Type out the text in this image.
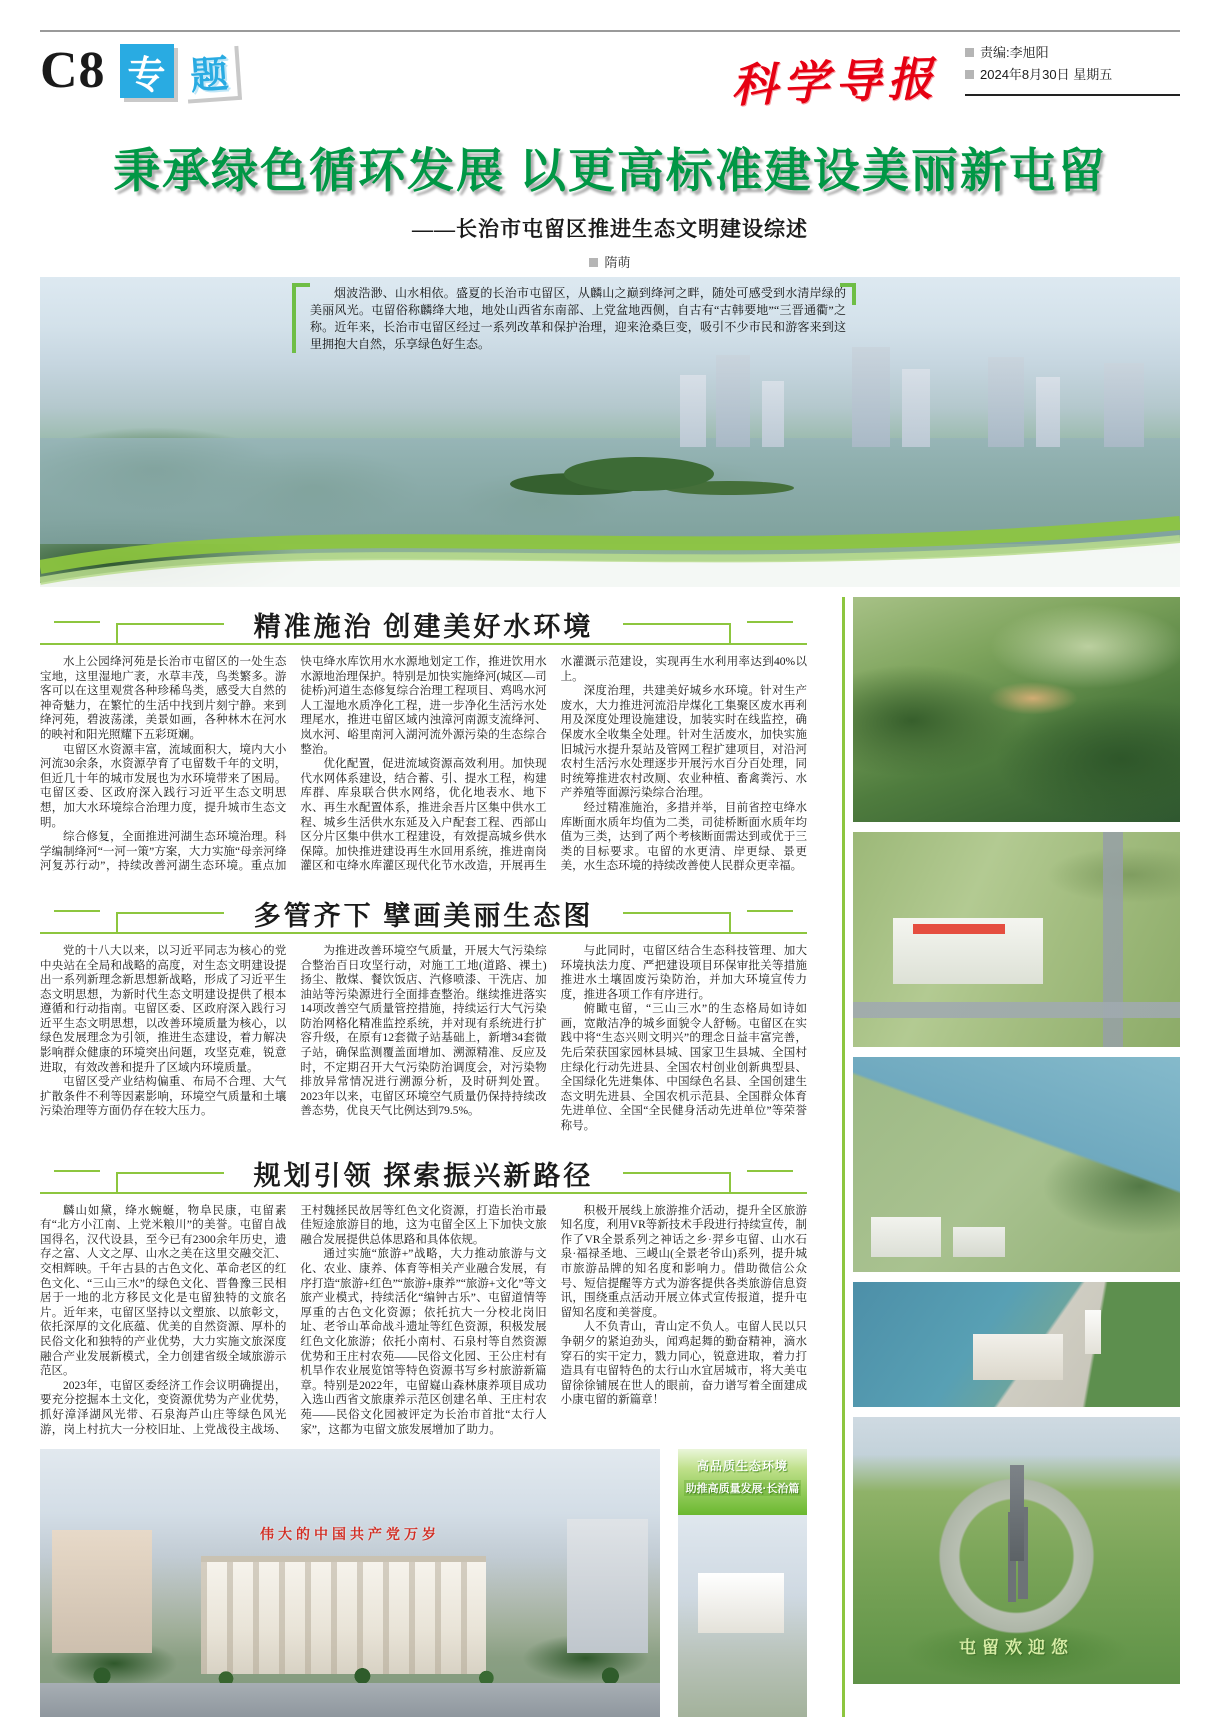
C8 专 题	科学导报
责编:李旭阳
2024年8月30日 星期五
秉承绿色循环发展 以更高标准建设美丽新屯留
——长治市屯留区推进生态文明建设综述
隋萌

烟波浩渺、山水相依。盛夏的长治市屯留区，从麟山之巅到绛河之畔，随处可感受到水清岸绿的美丽风光。屯留俗称麟绛大地，地处山西省东南部、上党盆地西侧，自古有“古韩要地”“三晋通衢”之称。近年来，长治市屯留区经过一系列改革和保护治理，迎来沧桑巨变，吸引不少市民和游客来到这里拥抱大自然，乐享绿色好生态。

精准施治 创建美好水环境

水上公园绛河苑是长治市屯留区的一处生态宝地，这里湿地广袤，水草丰茂，鸟类繁多。游客可以在这里观赏各种珍稀鸟类，感受大自然的神奇魅力，在繁忙的生活中找到片刻宁静。来到绛河苑，碧波荡漾，美景如画，各种林木在河水的映衬和阳光照耀下五彩斑斓。

屯留区水资源丰富，流域面积大，境内大小河流30余条，水资源孕育了屯留数千年的文明，但近几十年的城市发展也为水环境带来了困局。屯留区委、区政府深入践行习近平生态文明思想，加大水环境综合治理力度，提升城市生态文明。

综合修复，全面推进河湖生态环境治理。科学编制绛河“一河一策”方案，大力实施“母亲河绛河复苏行动”，持续改善河湖生态环境。重点加快屯绛水库饮用水水源地划定工作，推进饮用水水源地治理保护。特别是加快实施绛河(城区—司徒桥)河道生态修复综合治理工程项目、鸡鸣水河人工湿地水质净化工程，进一步净化生活污水处理尾水，推进屯留区域内浊漳河南源支流绛河、岚水河、峪里南河入湖河流外源污染的生态综合整治。

优化配置，促进流域资源高效利用。加快现代水网体系建设，结合蓄、引、提水工程，构建库群、库泉联合供水网络，优化地表水、地下水、再生水配置体系，推进余吾片区集中供水工程、城乡生活供水东延及入户配套工程、西部山区分片区集中供水工程建设，有效提高城乡供水保障。加快推进建设再生水回用系统，推进南岗灌区和屯绛水库灌区现代化节水改造，开展再生水灌溉示范建设，实现再生水利用率达到40%以上。

深度治理，共建美好城乡水环境。针对生产废水，大力推进河流沿岸煤化工集聚区废水再利用及深度处理设施建设，加装实时在线监控，确保废水全收集全处理。针对生活废水，加快实施旧城污水提升泵站及管网工程扩建项目，对沿河农村生活污水处理逐步开展污水百分百处理，同时统筹推进农村改厕、农业种植、畜禽粪污、水产养殖等面源污染综合治理。

经过精准施治，多措并举，目前省控屯绛水库断面水质年均值为二类，司徒桥断面水质年均值为三类，达到了两个考核断面需达到或优于三类的目标要求。屯留的水更清、岸更绿、景更美，水生态环境的持续改善使人民群众更幸福。

多管齐下 擘画美丽生态图

党的十八大以来，以习近平同志为核心的党中央站在全局和战略的高度，对生态文明建设提出一系列新理念新思想新战略，形成了习近平生态文明思想，为新时代生态文明建设提供了根本遵循和行动指南。屯留区委、区政府深入践行习近平生态文明思想，以改善环境质量为核心，以绿色发展理念为引领，推进生态建设，着力解决影响群众健康的环境突出问题，攻坚克难，锐意进取，有效改善和提升了区域内环境质量。

屯留区受产业结构偏重、布局不合理、大气扩散条件不利等因素影响，环境空气质量和土壤污染治理等方面仍存在较大压力。

为推进改善环境空气质量，开展大气污染综合整治百日攻坚行动，对施工工地(道路、裸土)扬尘、散煤、餐饮饭店、汽修喷漆、干洗店、加油站等污染源进行全面排查整治。继续推进落实14项改善空气质量管控措施，持续运行大气污染防治网格化精准监控系统，并对现有系统进行扩容升级，在原有12套微子站基础上，新增34套微子站，确保监测覆盖面增加、溯源精准、反应及时，不定期召开大气污染防治调度会，对污染物排放异常情况进行溯源分析，及时研判处置。2023年以来，屯留区环境空气质量仍保持持续改善态势，优良天气比例达到79.5%。

与此同时，屯留区结合生态科技管理、加大环境执法力度、严把建设项目环保审批关等措施推进水土壤固废污染防治，并加大环境宣传力度，推进各项工作有序进行。

俯瞰屯留，“三山三水”的生态格局如诗如画，宽敞洁净的城乡面貌令人舒畅。屯留区在实践中将“生态兴则文明兴”的理念日益丰富完善，先后荣获国家园林县城、国家卫生县城、全国村庄绿化行动先进县、全国农村创业创新典型县、全国绿化先进集体、中国绿色名县、全国创建生态文明先进县、全国农机示范县、全国群众体育先进单位、全国“全民健身活动先进单位”等荣誉称号。

规划引领 探索振兴新路径

麟山如黛，绛水蜿蜒，物阜民康，屯留素有“北方小江南、上党米粮川”的美誉。屯留自战国得名，汉代设县，至今已有2300余年历史，遗存之富、人文之厚、山水之美在这里交融交汇、交相辉映。千年古县的古色文化、革命老区的红色文化、“三山三水”的绿色文化、晋鲁豫三民相居于一地的北方移民文化是屯留独特的文旅名片。近年来，屯留区坚持以文塑旅、以旅彰文，依托深厚的文化底蕴、优美的自然资源、厚朴的民俗文化和独特的产业优势，大力实施文旅深度融合产业发展新模式，全力创建省级全域旅游示范区。

2023年，屯留区委经济工作会议明确提出，要充分挖掘本土文化，变资源优势为产业优势，抓好漳泽湖风光带、石泉海芦山庄等绿色风光游，岗上村抗大一分校旧址、上党战役主战场、王村魏拯民故居等红色文化资源，打造长治市最佳短途旅游目的地，这为屯留全区上下加快文旅融合发展提供总体思路和具体依规。

通过实施“旅游+”战略，大力推动旅游与文化、农业、康养、体育等相关产业融合发展，有序打造“旅游+红色”“旅游+康养”“旅游+文化”等文旅产业模式，持续活化“编钟古乐”、屯留道情等厚重的古色文化资源；依托抗大一分校北岗旧址、老爷山革命战斗遗址等红色资源，积极发展红色文化旅游；依托小南村、石泉村等自然资源优势和王庄村农苑——民俗文化园、王公庄村有机旱作农业展览馆等特色资源书写乡村旅游新篇章。特别是2022年，屯留嶷山森林康养项目成功入选山西省文旅康养示范区创建名单、王庄村农苑——民俗文化园被评定为长治市首批“太行人家”，这都为屯留文旅发展增加了助力。

积极开展线上旅游推介活动，提升全区旅游知名度，利用VR等新技术手段进行持续宣传，制作了VR全景系列之神话之乡·羿乡屯留、山水石泉·福禄圣地、三嵕山(全景老爷山)系列，提升城市旅游品牌的知名度和影响力。借助微信公众号、短信提醒等方式为游客提供各类旅游信息资讯，围绕重点活动开展立体式宣传报道，提升屯留知名度和美誉度。

人不负青山，青山定不负人。屯留人民以只争朝夕的紧迫劲头，闻鸡起舞的勤奋精神，滴水穿石的实干定力，戮力同心，锐意进取，着力打造具有屯留特色的太行山水宜居城市，将大美屯留徐徐铺展在世人的眼前，奋力谱写着全面建成小康屯留的新篇章！

伟大的中国共产党万岁
高品质生态环境
助推高质量发展·长治篇
屯留欢迎您
